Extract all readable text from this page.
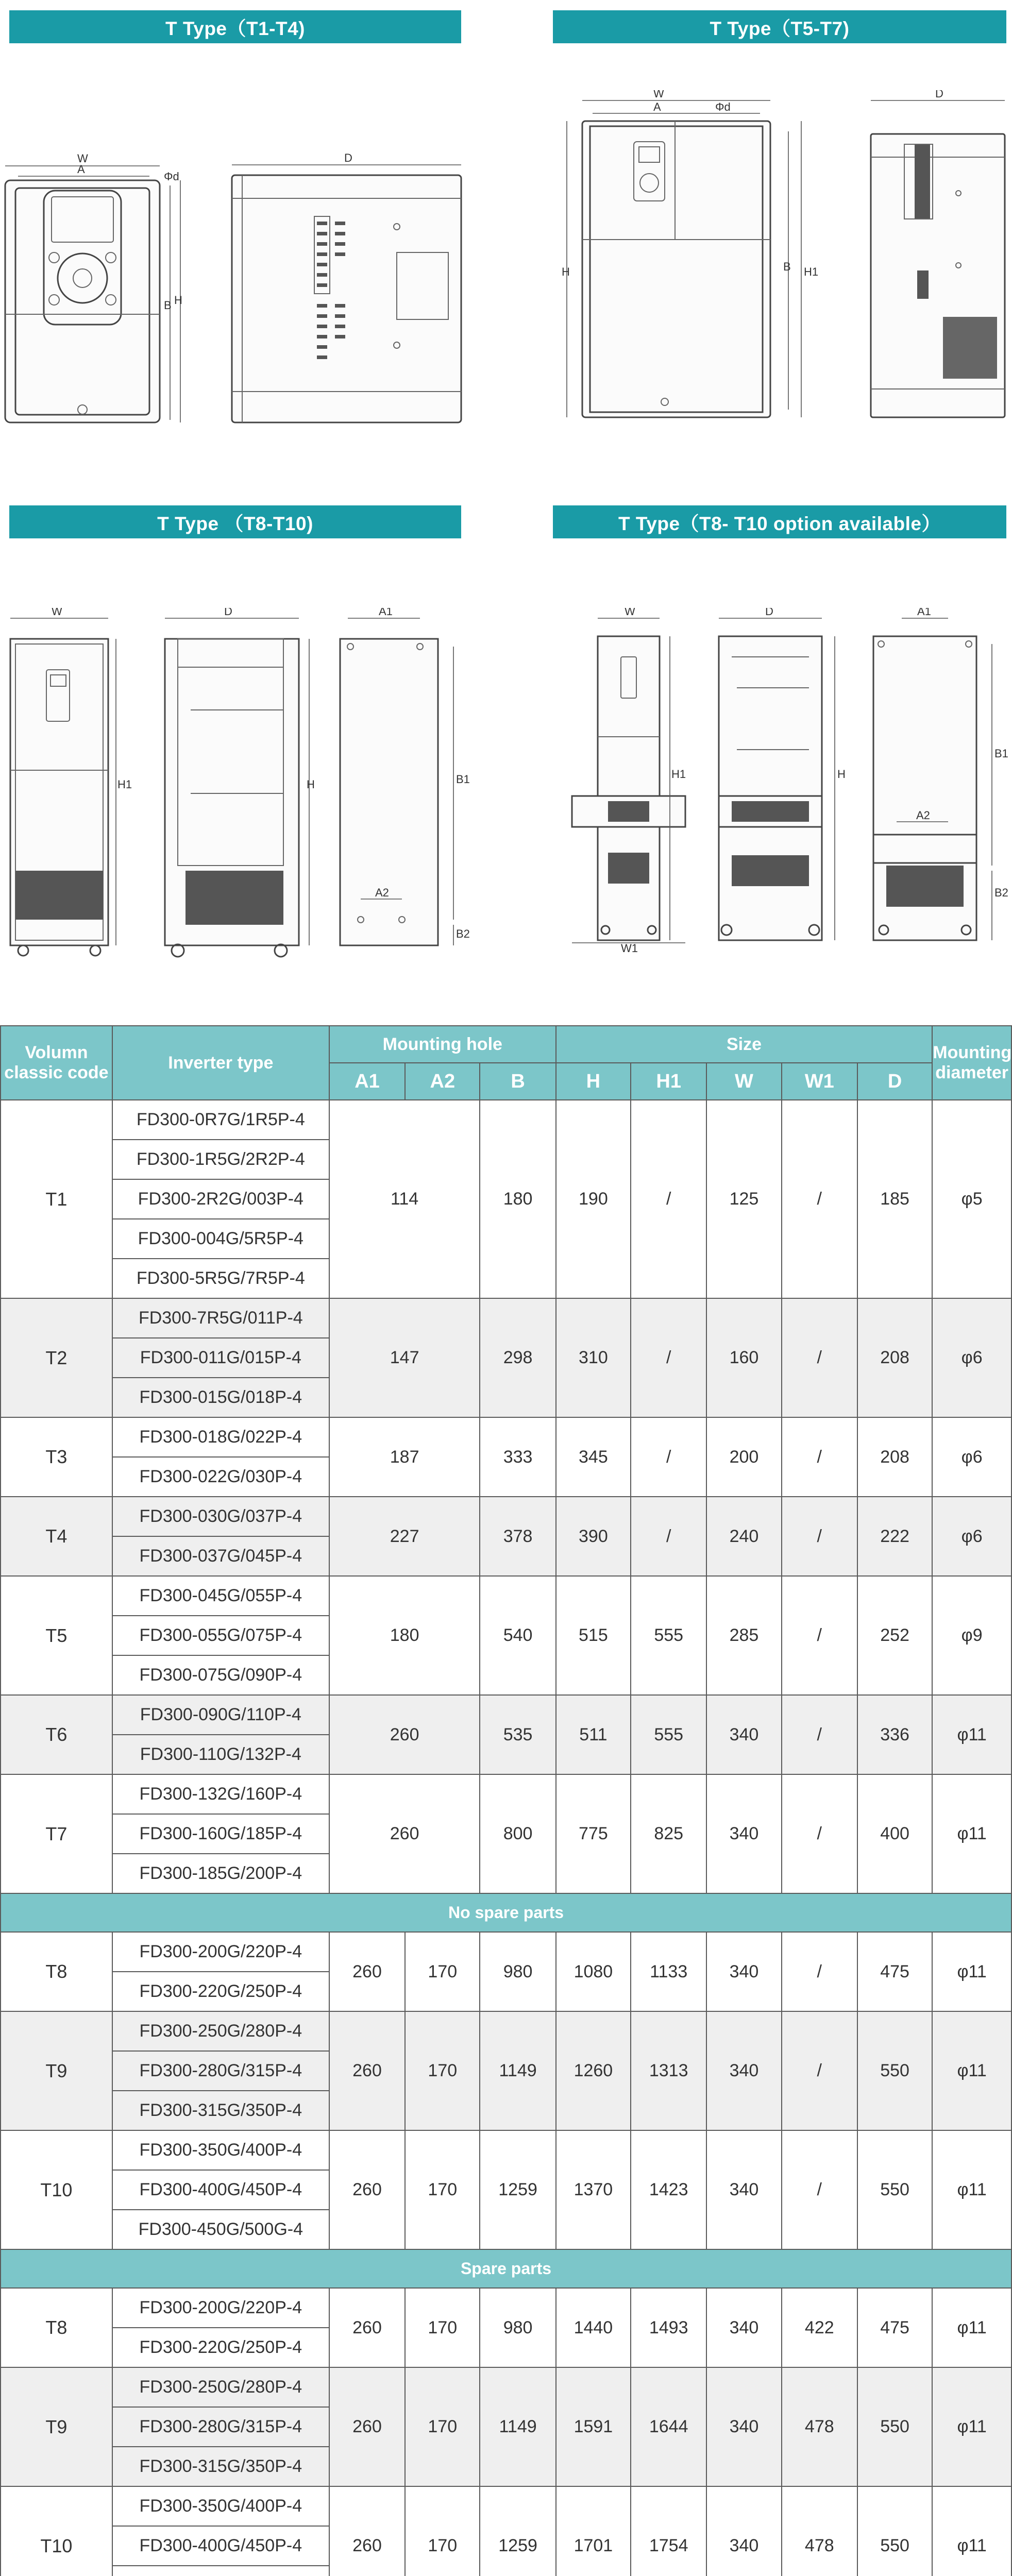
T Type（T1-T4)	T Type（T5-T7)
T Type （T8-T10)	T Type（T8- T10 option available）
W
A
B H
Φd
D
W
A
H	B H1
Φd
D
W
H1
D
H
A1
A2
B1
B2
W
W1
H1
D
H
A1
A2
B1
B2
Volumn classic code	Inverter type	Mounting hole			Size					Mounting diameter
		A1	A2	B	H	H1	W	W1	D	
T1	FD300-0R7G/1R5P-4	114		180	190	/	125	/	185	φ5
	FD300-1R5G/2R2P-4									
	FD300-2R2G/003P-4									
	FD300-004G/5R5P-4									
	FD300-5R5G/7R5P-4									
T2	FD300-7R5G/011P-4	147		298	310	/	160	/	208	φ6
	FD300-011G/015P-4									
	FD300-015G/018P-4									
T3	FD300-018G/022P-4	187		333	345	/	200	/	208	φ6
	FD300-022G/030P-4									
T4	FD300-030G/037P-4	227		378	390	/	240	/	222	φ6
	FD300-037G/045P-4									
T5	FD300-045G/055P-4	180		540	515	555	285	/	252	φ9
	FD300-055G/075P-4									
	FD300-075G/090P-4									
T6	FD300-090G/110P-4	260		535	511	555	340	/	336	φ11
	FD300-110G/132P-4									
T7	FD300-132G/160P-4	260		800	775	825	340	/	400	φ11
	FD300-160G/185P-4									
	FD300-185G/200P-4									
No spare parts										
T8	FD300-200G/220P-4	260	170	980	1080	1133	340	/	475	φ11
	FD300-220G/250P-4									
T9	FD300-250G/280P-4	260	170	1149	1260	1313	340	/	550	φ11
	FD300-280G/315P-4									
	FD300-315G/350P-4									
T10	FD300-350G/400P-4	260	170	1259	1370	1423	340	/	550	φ11
	FD300-400G/450P-4									
	FD300-450G/500G-4									
Spare parts										
T8	FD300-200G/220P-4	260	170	980	1440	1493	340	422	475	φ11
	FD300-220G/250P-4									
T9	FD300-250G/280P-4	260	170	1149	1591	1644	340	478	550	φ11
	FD300-280G/315P-4									
	FD300-315G/350P-4									
T10	FD300-350G/400P-4	260	170	1259	1701	1754	340	478	550	φ11
	FD300-400G/450P-4									
